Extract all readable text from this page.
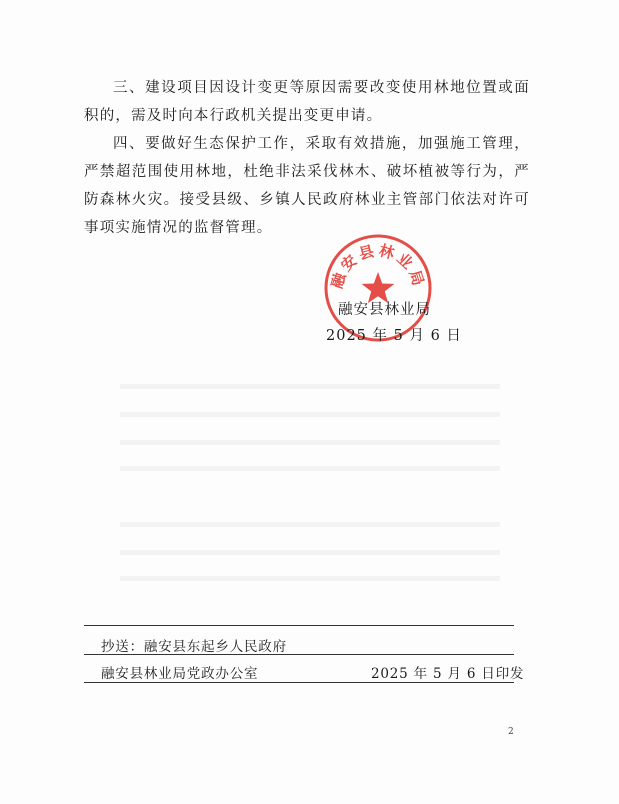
三、建设项目因设计变更等原因需要改变使用林地位置或面积的，需及时向本行政机关提出变更申请。

四、要做好生态保护工作，采取有效措施，加强施工管理，严禁超范围使用林地，杜绝非法采伐林木、破坏植被等行为，严防森林火灾。接受县级、乡镇人民政府林业主管部门依法对许可事项实施情况的监督管理。

融安县林业局
融安县林业局
2025 年 5 月 6 日
抄送：融安县东起乡人民政府
融安县林业局党政办公室	2025 年 5 月 6 日印发
2
